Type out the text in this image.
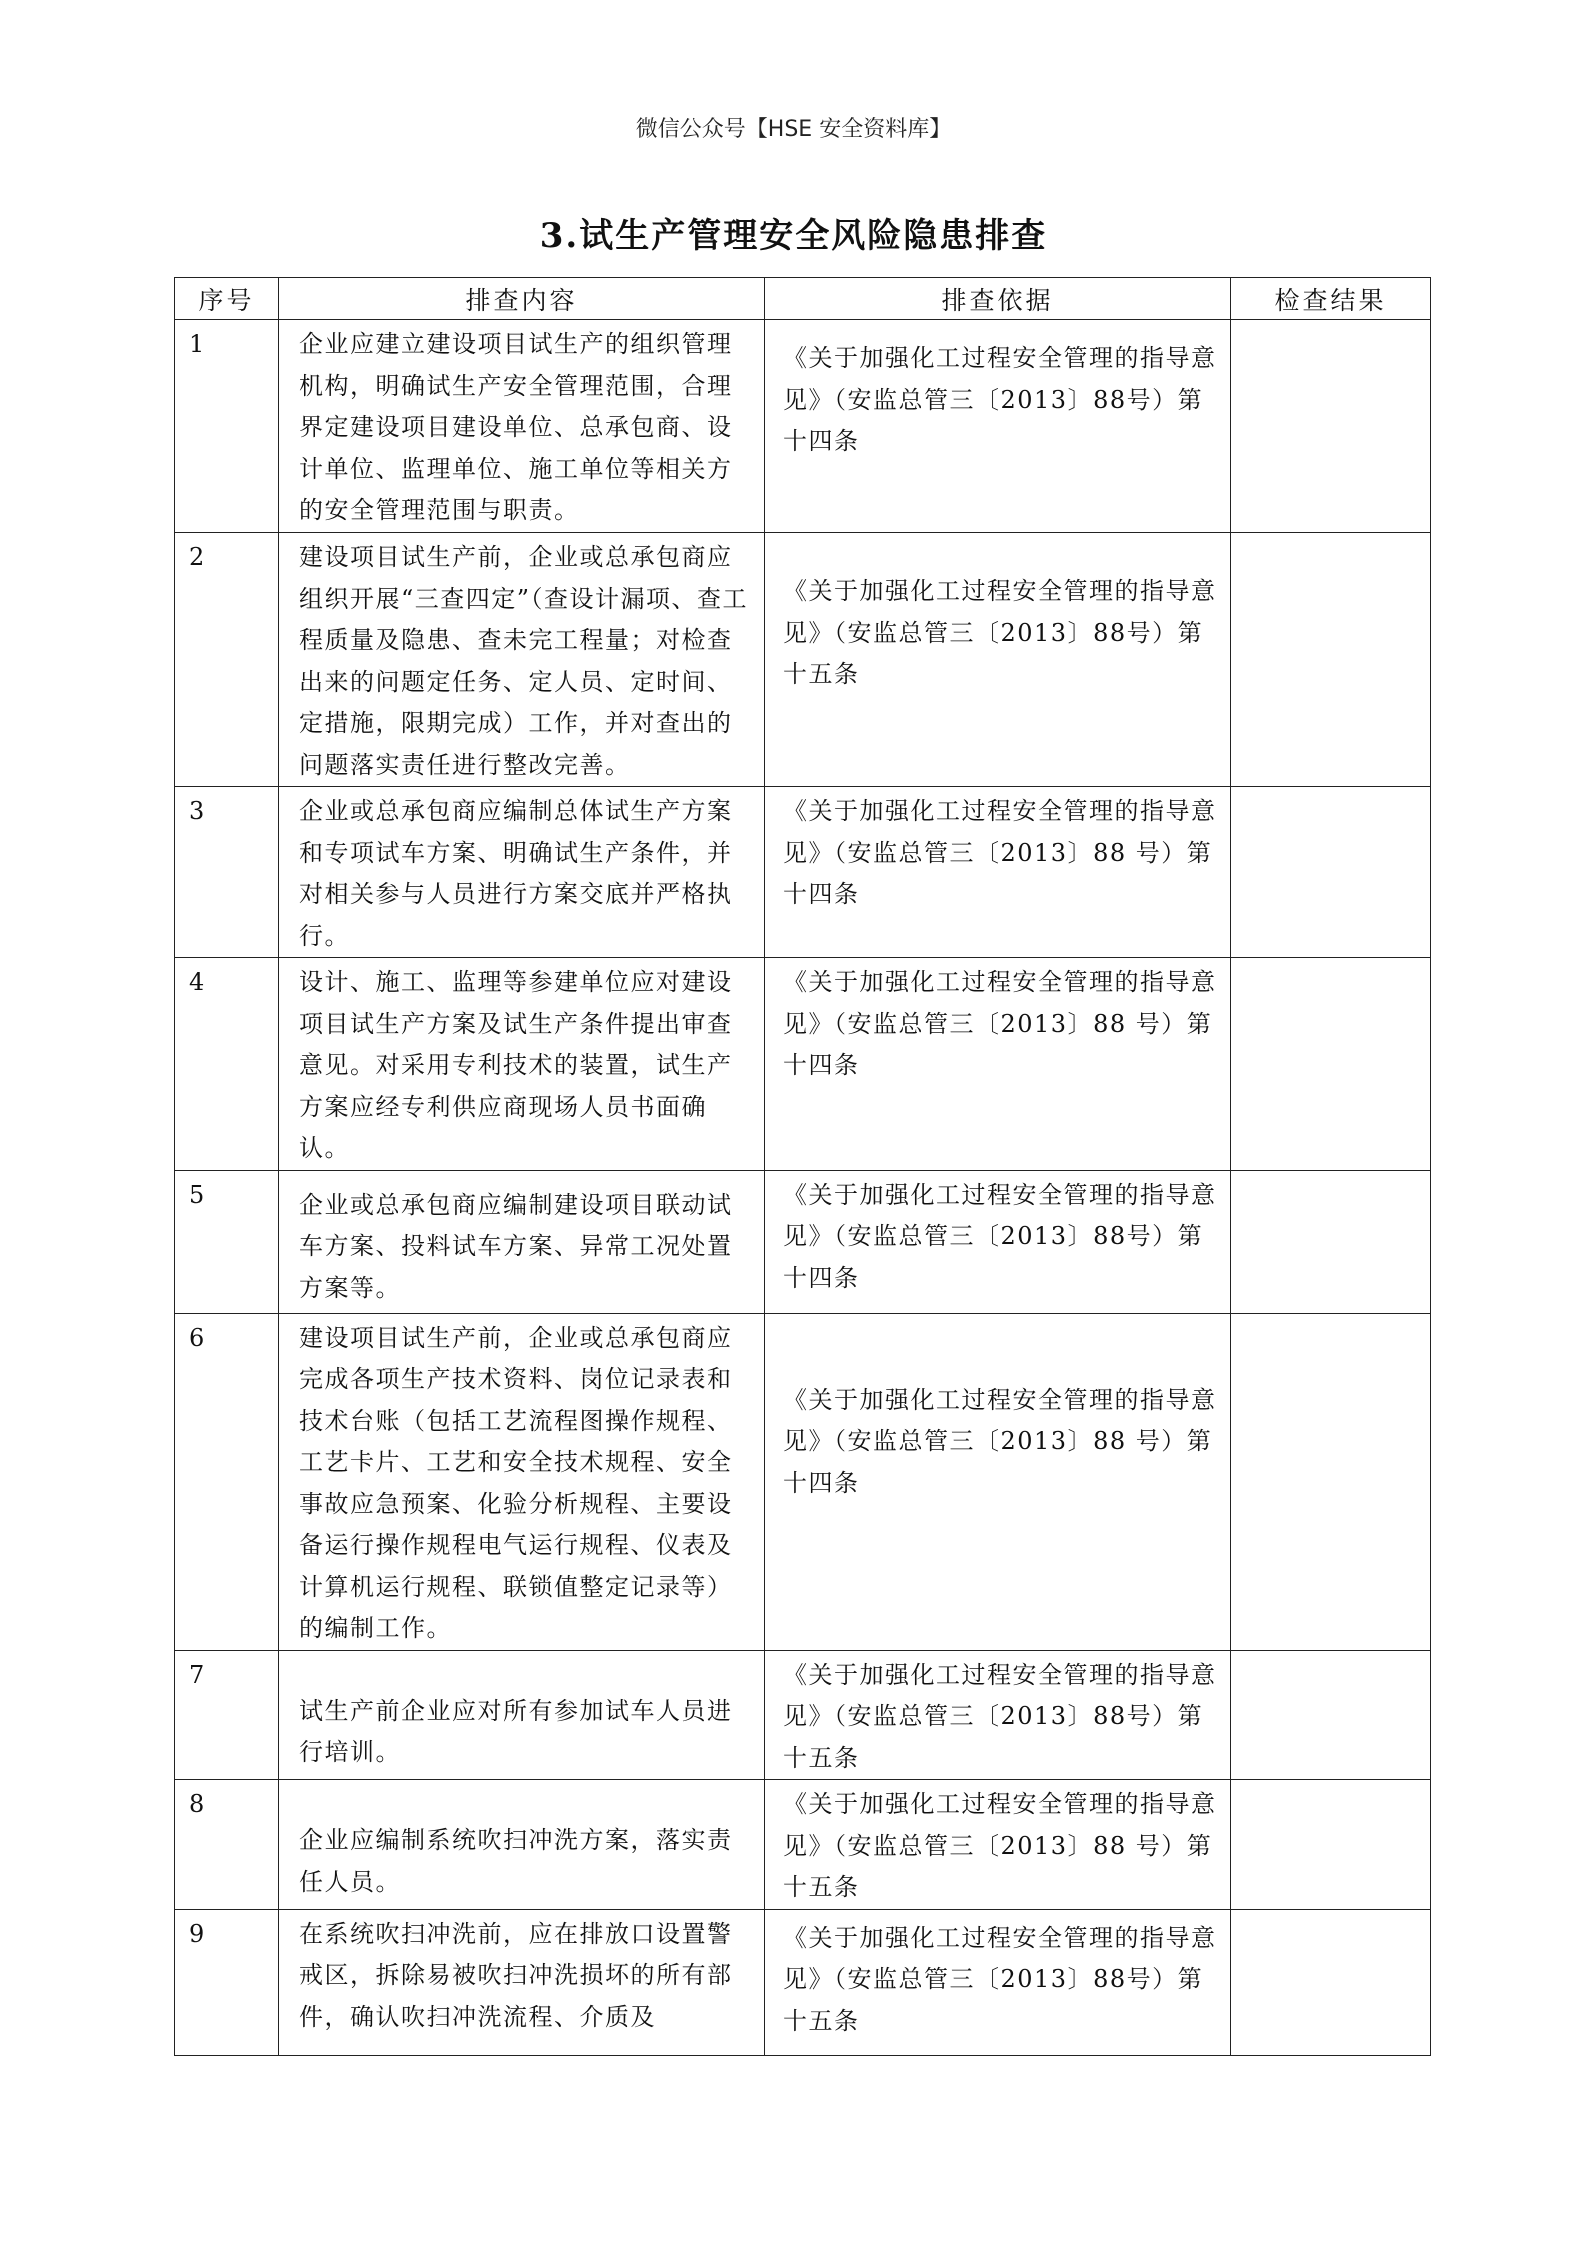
微信公众号【HSE 安全资料库】
3.试生产管理安全风险隐患排查
序号	排查内容	排查依据	检查结果
1	企业应建立建设项目试生产的组织管理机构，明确试生产安全管理范围，合理界定建设项目建设单位、总承包商、设计单位、监理单位、施工单位等相关方的安全管理范围与职责。	《关于加强化工过程安全管理的指导意见》（安监总管三〔2013〕88号）第十四条	
2	建设项目试生产前，企业或总承包商应组织开展“三查四定”（查设计漏项、查工程质量及隐患、查未完工程量；对检查出来的问题定任务、定人员、定时间、定措施，限期完成）工作，并对查出的问题落实责任进行整改完善。	《关于加强化工过程安全管理的指导意见》（安监总管三〔2013〕88号）第十五条	
3	企业或总承包商应编制总体试生产方案和专项试车方案、明确试生产条件，并对相关参与人员进行方案交底并严格执行。	《关于加强化工过程安全管理的指导意见》（安监总管三〔2013〕88 号）第十四条	
4	设计、施工、监理等参建单位应对建设项目试生产方案及试生产条件提出审查意见。对采用专利技术的装置，试生产方案应经专利供应商现场人员书面确认。	《关于加强化工过程安全管理的指导意见》（安监总管三〔2013〕88 号）第十四条	
5	企业或总承包商应编制建设项目联动试车方案、投料试车方案、异常工况处置方案等。	《关于加强化工过程安全管理的指导意见》（安监总管三〔2013〕88号）第十四条	
6	建设项目试生产前，企业或总承包商应完成各项生产技术资料、岗位记录表和技术台账（包括工艺流程图操作规程、工艺卡片、工艺和安全技术规程、安全事故应急预案、化验分析规程、主要设备运行操作规程电气运行规程、仪表及计算机运行规程、联锁值整定记录等）的编制工作。	《关于加强化工过程安全管理的指导意见》（安监总管三〔2013〕88 号）第十四条	
7	试生产前企业应对所有参加试车人员进行培训。	《关于加强化工过程安全管理的指导意见》（安监总管三〔2013〕88号）第十五条	
8	企业应编制系统吹扫冲洗方案，落实责任人员。	《关于加强化工过程安全管理的指导意见》（安监总管三〔2013〕88 号）第十五条	
9	在系统吹扫冲洗前，应在排放口设置警戒区，拆除易被吹扫冲洗损坏的所有部件，确认吹扫冲洗流程、介质及	《关于加强化工过程安全管理的指导意见》（安监总管三〔2013〕88号）第十五条	
